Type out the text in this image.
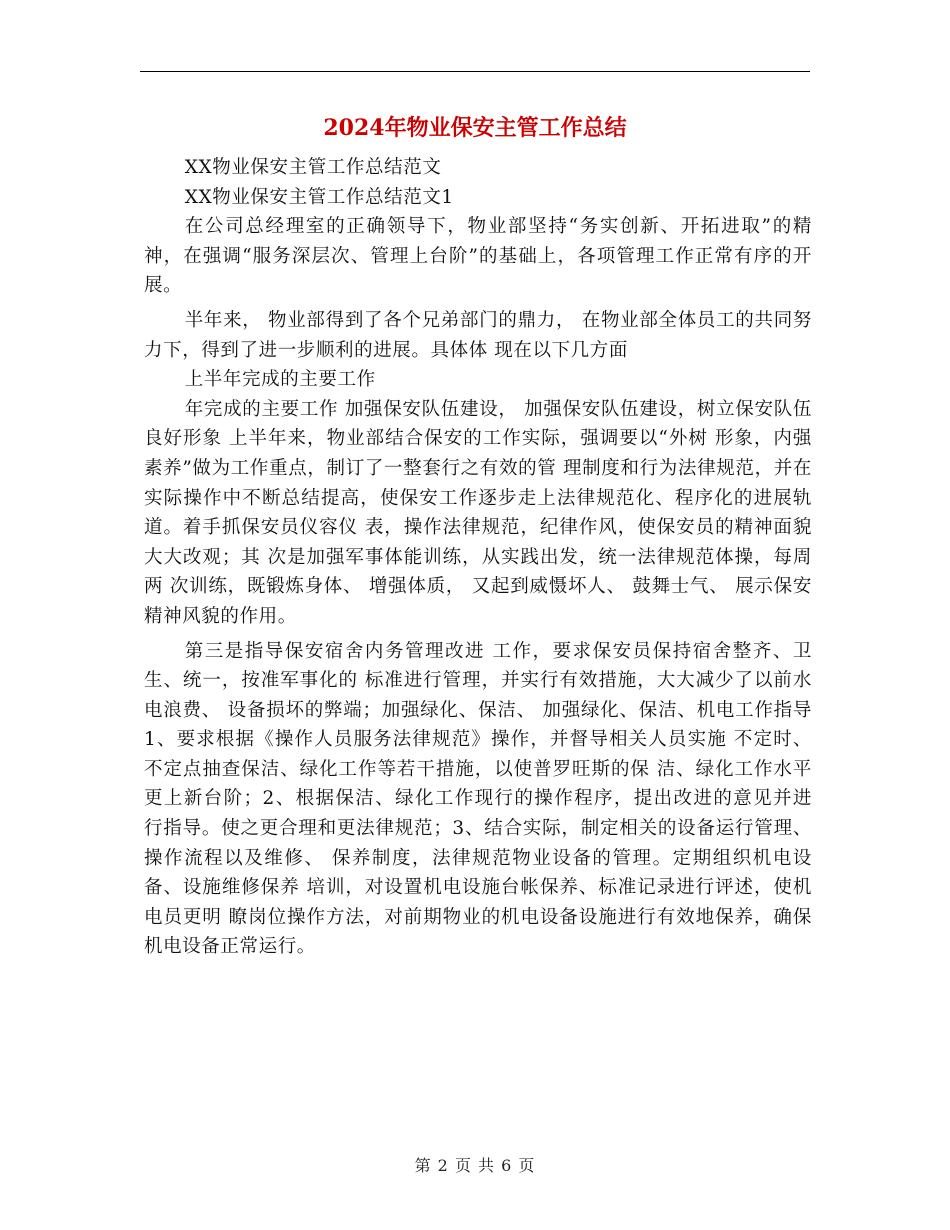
2024年物业保安主管工作总结

XX物业保安主管工作总结范文

XX物业保安主管工作总结范文1

在公司总经理室的正确领导下，物业部坚持“务实创新、开拓进取”的精神，在强调“服务深层次、管理上台阶”的基础上，各项管理工作正常有序的开展。

半年来， 物业部得到了各个兄弟部门的鼎力， 在物业部全体员工的共同努力下，得到了进一步顺利的进展。具体体 现在以下几方面

上半年完成的主要工作

年完成的主要工作 加强保安队伍建设， 加强保安队伍建设，树立保安队伍良好形象 上半年来，物业部结合保安的工作实际，强调要以“外树 形象，内强素养”做为工作重点，制订了一整套行之有效的管 理制度和行为法律规范，并在实际操作中不断总结提高，使保安工作逐步走上法律规范化、程序化的进展轨道。着手抓保安员仪容仪 表，操作法律规范，纪律作风，使保安员的精神面貌大大改观；其 次是加强军事体能训练，从实践出发，统一法律规范体操，每周两 次训练，既锻炼身体、 增强体质， 又起到威慑坏人、 鼓舞士气、 展示保安精神风貌的作用。

第三是指导保安宿舍内务管理改进 工作，要求保安员保持宿舍整齐、卫生、统一，按准军事化的 标准进行管理，并实行有效措施，大大减少了以前水电浪费、 设备损坏的弊端；加强绿化、保洁、 加强绿化、保洁、机电工作指导 1、要求根据《操作人员服务法律规范》操作，并督导相关人员实施 不定时、不定点抽查保洁、绿化工作等若干措施，以使普罗旺斯的保 洁、绿化工作水平更上新台阶；2、根据保洁、绿化工作现行的操作程序，提出改进的意见并进 行指导。使之更合理和更法律规范；3、结合实际，制定相关的设备运行管理、操作流程以及维修、 保养制度，法律规范物业设备的管理。定期组织机电设备、设施维修保养 培训，对设置机电设施台帐保养、标准记录进行评述，使机电员更明 瞭岗位操作方法，对前期物业的机电设备设施进行有效地保养，确保 机电设备正常运行。

第 2 页 共 6 页
